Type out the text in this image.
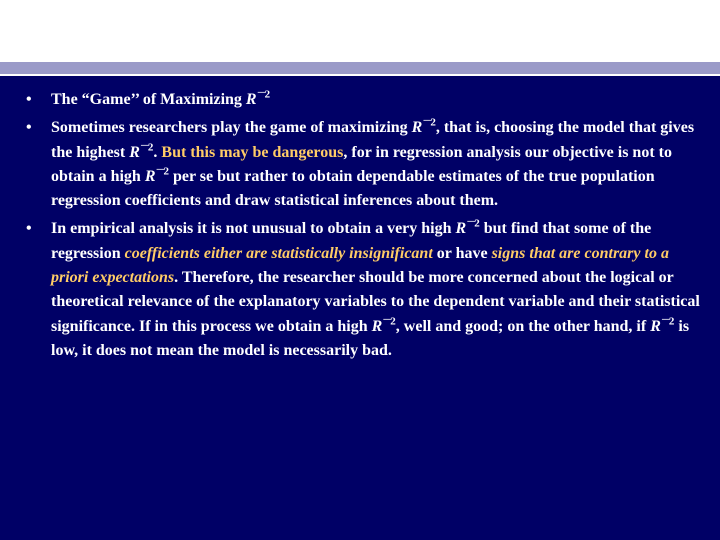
•	The “Game’’ of Maximizing R¯$^2$
•	Sometimes researchers play the game of maximizing R¯$^2$, that is, choosing the model that gives the highest R¯$^2$. But this may be dangerous, for in regression analysis our objective is not to obtain a high R¯$^2$ per se but rather to obtain dependable estimates of the true population regression coefficients and draw statistical inferences about them.
•	In empirical analysis it is not unusual to obtain a very high R¯$^2$ but find that some of the regression coefficients either are statistically insignificant or have signs that are contrary to a priori expectations. Therefore, the researcher should be more concerned about the logical or theoretical relevance of the explanatory variables to the dependent variable and their statistical significance. If in this process we obtain a high R¯$^2$, well and good; on the other hand, if R¯$^2$ is low, it does not mean the model is necessarily bad.
